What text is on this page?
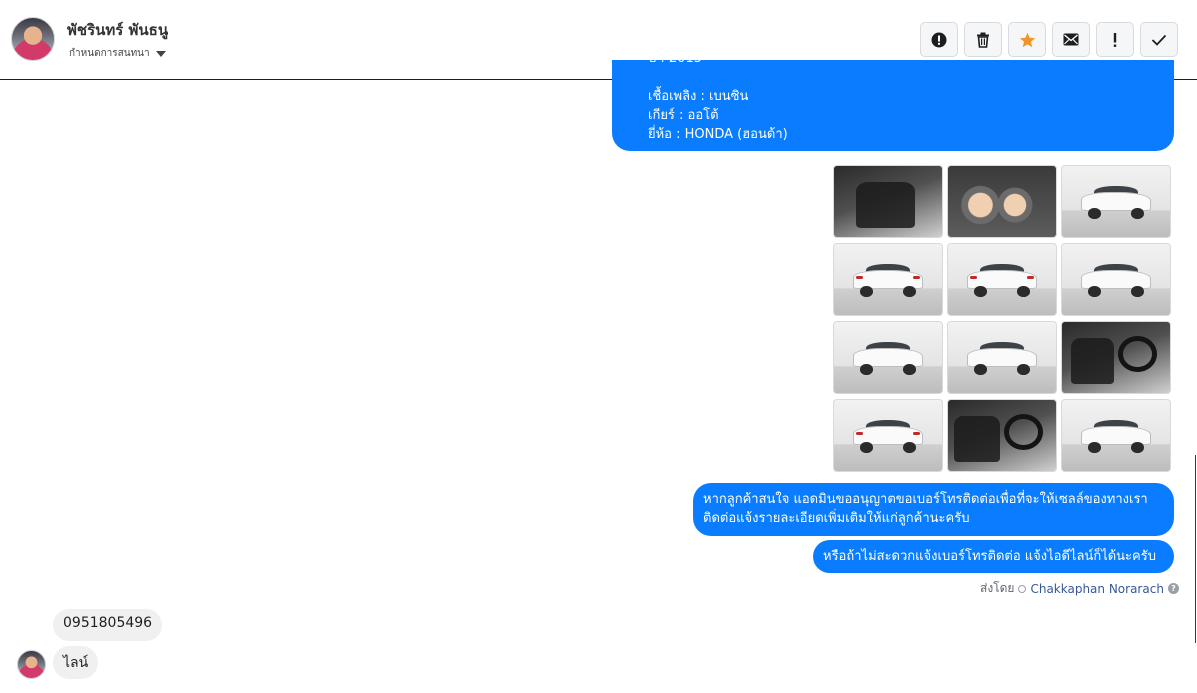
พัชรินทร์ พันธนู
กำหนดการสนทนา	ปี : 2015
เชื้อเพลิง : เบนซิน
เกียร์ : ออโต้
ยี่ห้อ : HONDA (ฮอนด้า)
หากลูกค้าสนใจ แอดมินขออนุญาตขอเบอร์โทรติดต่อเพื่อที่จะให้เซลล์ของทางเรา
ติดต่อแจ้งรายละเอียดเพิ่มเติมให้แก่ลูกค้านะครับ
หรือถ้าไม่สะดวกแจ้งเบอร์โทรติดต่อ แจ้งไอดีไลน์ก็ได้นะครับ
ส่งโดย Chakkaphan Norarach ?
0951805496
ไลน์
